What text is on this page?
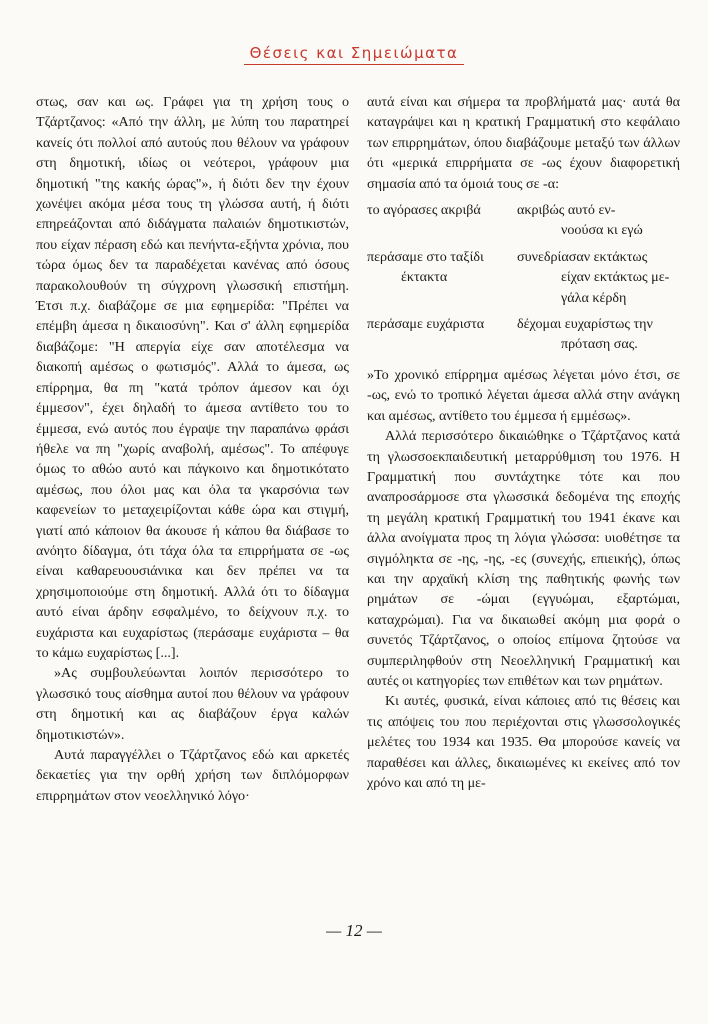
Θέσεις και Σημειώματα

στως, σαν και ως. Γράφει για τη χρήση τους ο Τζάρτζανος: «Από την άλλη, με λύπη του παρατηρεί κανείς ότι πολλοί από αυτούς που θέλουν να γράφουν στη δημοτική, ιδίως οι νεότεροι, γράφουν μια δημοτική "της κακής ώρας"», ή διότι δεν την έχουν χωνέψει ακόμα μέσα τους τη γλώσσα αυτή, ή διότι επηρεάζονται από διδάγματα παλαιών δημοτικιστών, που είχαν πέραση εδώ και πενήντα-εξήντα χρόνια, που τώρα όμως δεν τα παραδέχεται κανένας από όσους παρακολουθούν τη σύγχρονη γλωσσική επιστήμη. Έτσι π.χ. διαβάζομε σε μια εφημερίδα: "Πρέπει να επέμβη άμεσα η δικαιοσύνη". Και σ' άλλη εφημερίδα διαβάζομε: "Η απεργία είχε σαν αποτέλεσμα να διακοπή αμέσως ο φωτισμός". Αλλά το άμεσα, ως επίρρημα, θα πη "κατά τρόπον άμεσον και όχι έμμεσον", έχει δηλαδή το άμεσα αντίθετο του το έμμεσα, ενώ αυτός που έγραψε την παραπάνω φράσι ήθελε να πη "χωρίς αναβολή, αμέσως". Το απέφυγε όμως το αθώο αυτό και πάγκοινο και δημοτικότατο αμέσως, που όλοι μας και όλα τα γκαρσόνια των καφενείων το μεταχειρίζονται κάθε ώρα και στιγμή, γιατί από κάποιον θα άκουσε ή κάπου θα διάβασε το ανόητο δίδαγμα, ότι τάχα όλα τα επιρρήματα σε -ως είναι καθαρευουσιάνικα και δεν πρέπει να τα χρησιμοποιούμε στη δημοτική. Αλλά ότι το δίδαγμα αυτό είναι άρδην εσφαλμένο, το δείχνουν π.χ. το ευχάριστα και ευχαρίστως (περάσαμε ευχάριστα – θα το κάμω ευχαρίστως [...].

»Ας συμβουλεύωνται λοιπόν περισσότερο το γλωσσικό τους αίσθημα αυτοί που θέλουν να γράφουν στη δημοτική και ας διαβάζουν έργα καλών δημοτικιστών».

Αυτά παραγγέλλει ο Τζάρτζανος εδώ και αρκετές δεκαετίες για την ορθή χρήση των διπλόμορφων επιρρημάτων στον νεοελληνικό λόγο·

αυτά είναι και σήμερα τα προβλήματά μας· αυτά θα καταγράψει και η κρατική Γραμματική στο κεφάλαιο των επιρρημάτων, όπου διαβάζουμε μεταξύ των άλλων ότι «μερικά επιρρήματα σε -ως έχουν διαφορετική σημασία από τα όμοιά τους σε -α:

το αγόρασες ακριβά	ακριβώς αυτό εν-
νοούσα κι εγώ

περάσαμε στο ταξίδι

έκτακτα	συνεδρίασαν εκτάκτως
είχαν εκτάκτως με-
γάλα κέρδη

περάσαμε ευχάριστα	δέχομαι ευχαρίστως την
πρόταση σας.

»Το χρονικό επίρρημα αμέσως λέγεται μόνο έτσι, σε -ως, ενώ το τροπικό λέγεται άμεσα αλλά στην ανάγκη και αμέσως, αντίθετο του έμμεσα ή εμμέσως».

Αλλά περισσότερο δικαιώθηκε ο Τζάρτζανος κατά τη γλωσσοεκπαιδευτική μεταρρύθμιση του 1976. Η Γραμματική που συντάχτηκε τότε και που αναπροσάρμοσε στα γλωσσικά δεδομένα της εποχής τη μεγάλη κρατική Γραμματική του 1941 έκανε και άλλα ανοίγματα προς τη λόγια γλώσσα: υιοθέτησε τα σιγμόληκτα σε -ης, -ης, -ες (συνεχής, επιεικής), όπως και την αρχαϊκή κλίση της παθητικής φωνής των ρημάτων σε -ώμαι (εγγυώμαι, εξαρτώμαι, καταχρώμαι). Για να δικαιωθεί ακόμη μια φορά ο συνετός Τζάρτζανος, ο οποίος επίμονα ζητούσε να συμπεριληφθούν στη Νεοελληνική Γραμματική και αυτές οι κατηγορίες των επιθέτων και των ρημάτων.

Κι αυτές, φυσικά, είναι κάποιες από τις θέσεις και τις απόψεις του που περιέχονται στις γλωσσολογικές μελέτες του 1934 και 1935. Θα μπορούσε κανείς να παραθέσει και άλλες, δικαιωμένες κι εκείνες από τον χρόνο και από τη με-

— 12 —
